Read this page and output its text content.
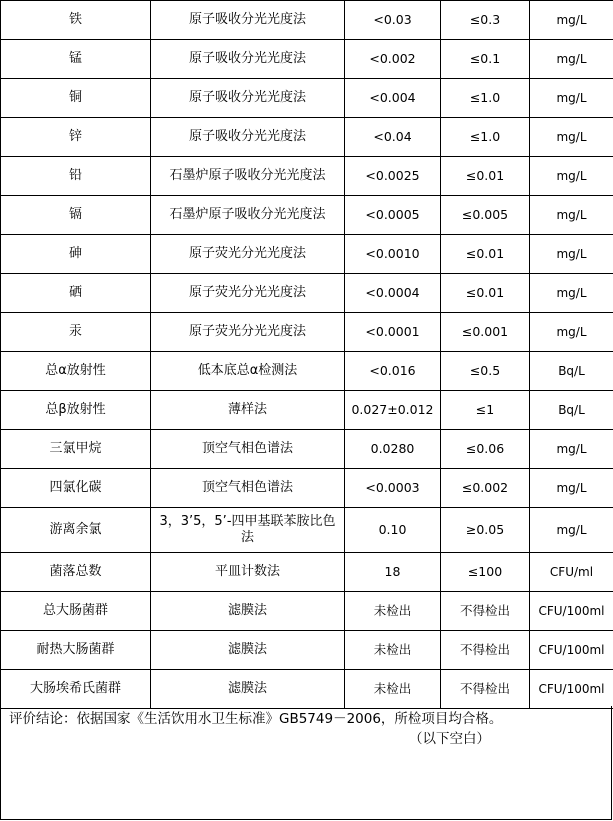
铁	原子吸收分光光度法	<0.03	≤0.3	mg/L
锰	原子吸收分光光度法	<0.002	≤0.1	mg/L
铜	原子吸收分光光度法	<0.004	≤1.0	mg/L
锌	原子吸收分光光度法	<0.04	≤1.0	mg/L
铅	石墨炉原子吸收分光光度法	<0.0025	≤0.01	mg/L
镉	石墨炉原子吸收分光光度法	<0.0005	≤0.005	mg/L
砷	原子荧光分光光度法	<0.0010	≤0.01	mg/L
硒	原子荧光分光光度法	<0.0004	≤0.01	mg/L
汞	原子荧光分光光度法	<0.0001	≤0.001	mg/L
总α放射性	低本底总α检测法	<0.016	≤0.5	Bq/L
总β放射性	薄样法	0.027±0.012	≤1	Bq/L
三氯甲烷	顶空气相色谱法	0.0280	≤0.06	mg/L
四氯化碳	顶空气相色谱法	<0.0003	≤0.002	mg/L
游离余氯	3，3’5，5’-四甲基联苯胺比色法	0.10	≥0.05	mg/L
菌落总数	平皿计数法	18	≤100	CFU/ml
总大肠菌群	滤膜法	未检出	不得检出	CFU/100ml
耐热大肠菌群	滤膜法	未检出	不得检出	CFU/100ml
大肠埃希氏菌群	滤膜法	未检出	不得检出	CFU/100ml
评价结论：依据国家《生活饮用水卫生标准》GB5749－2006，所检项目均合格。
（以下空白）
